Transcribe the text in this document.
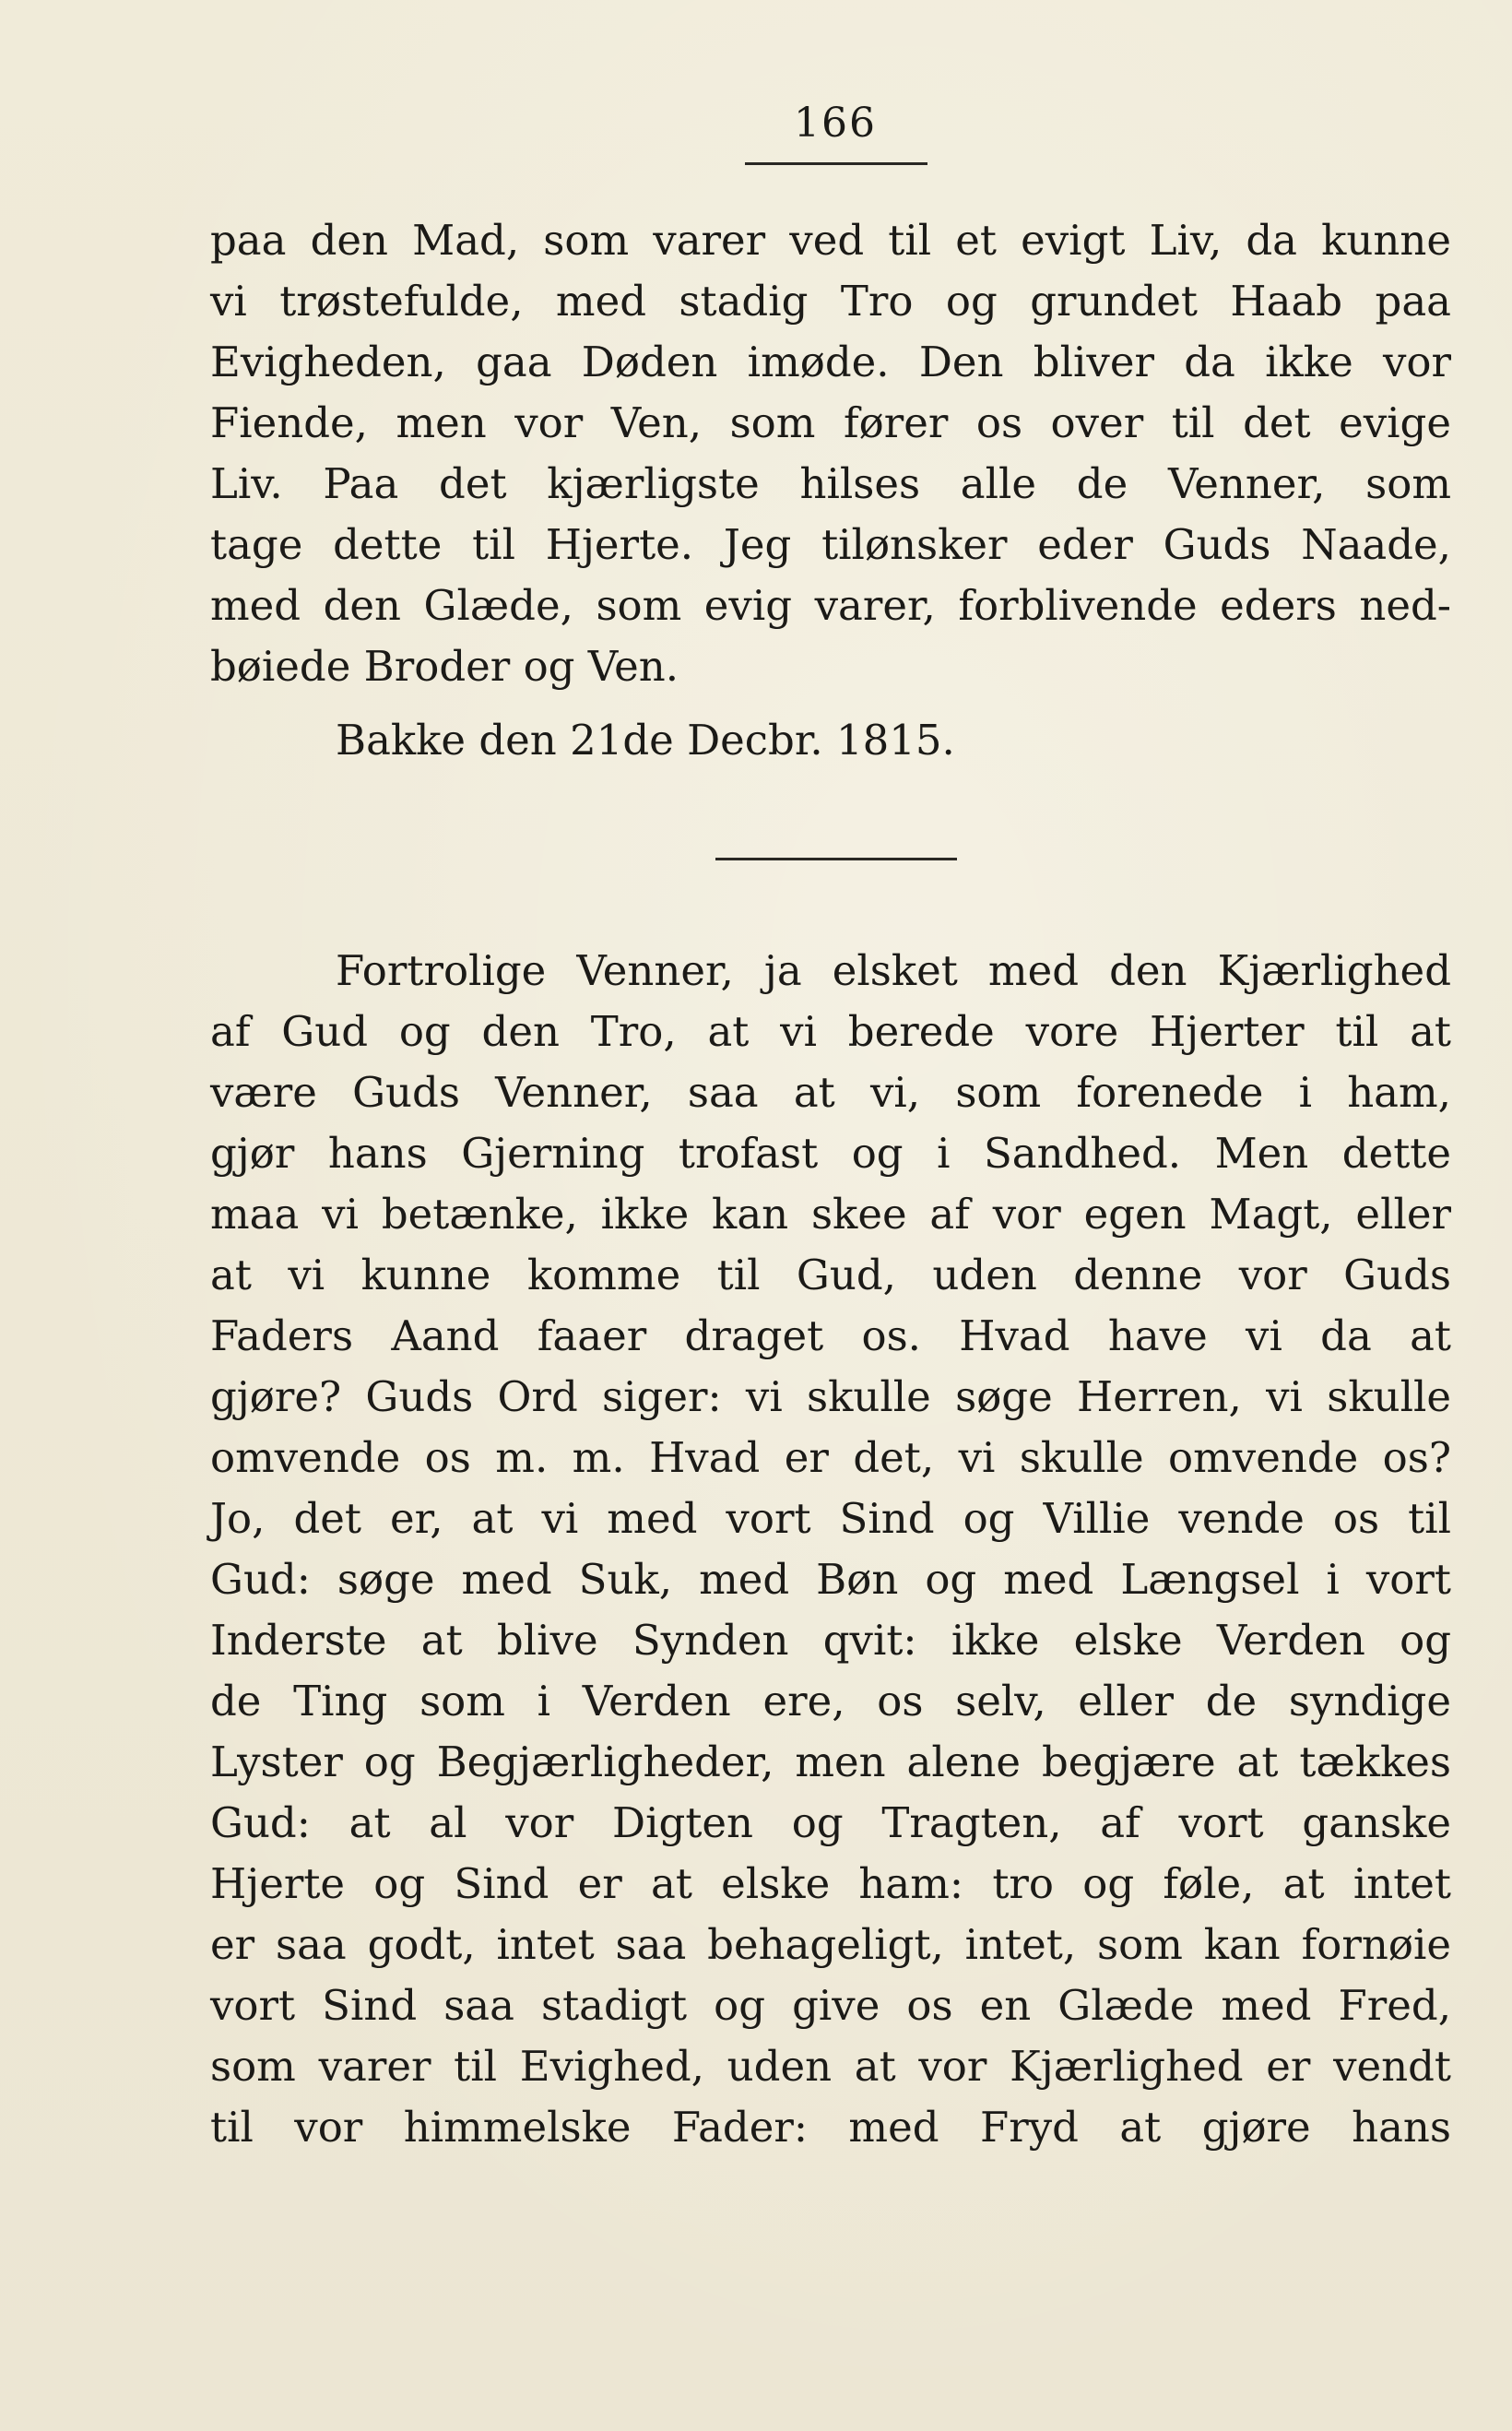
166
paa den Mad, som varer ved til et evigt Liv, da kunne
vi trøstefulde, med stadig Tro og grundet Haab paa
Evigheden, gaa Døden imøde. Den bliver da ikke vor
Fiende, men vor Ven, som fører os over til det evige
Liv. Paa det kjærligste hilses alle de Venner, som
tage dette til Hjerte. Jeg tilønsker eder Guds Naade,
med den Glæde, som evig varer, forblivende eders ned-
bøiede Broder og Ven.
Bakke den 21de Decbr. 1815.
Fortrolige Venner, ja elsket med den Kjærlighed
af Gud og den Tro, at vi berede vore Hjerter til at
være Guds Venner, saa at vi, som forenede i ham,
gjør hans Gjerning trofast og i Sandhed. Men dette
maa vi betænke, ikke kan skee af vor egen Magt, eller
at vi kunne komme til Gud, uden denne vor Guds
Faders Aand faaer draget os. Hvad have vi da at
gjøre? Guds Ord siger: vi skulle søge Herren, vi skulle
omvende os m. m. Hvad er det, vi skulle omvende os?
Jo, det er, at vi med vort Sind og Villie vende os til
Gud: søge med Suk, med Bøn og med Længsel i vort
Inderste at blive Synden qvit: ikke elske Verden og
de Ting som i Verden ere, os selv, eller de syndige
Lyster og Begjærligheder, men alene begjære at tækkes
Gud: at al vor Digten og Tragten, af vort ganske
Hjerte og Sind er at elske ham: tro og føle, at intet
er saa godt, intet saa behageligt, intet, som kan fornøie
vort Sind saa stadigt og give os en Glæde med Fred,
som varer til Evighed, uden at vor Kjærlighed er vendt
til vor himmelske Fader: med Fryd at gjøre hans
